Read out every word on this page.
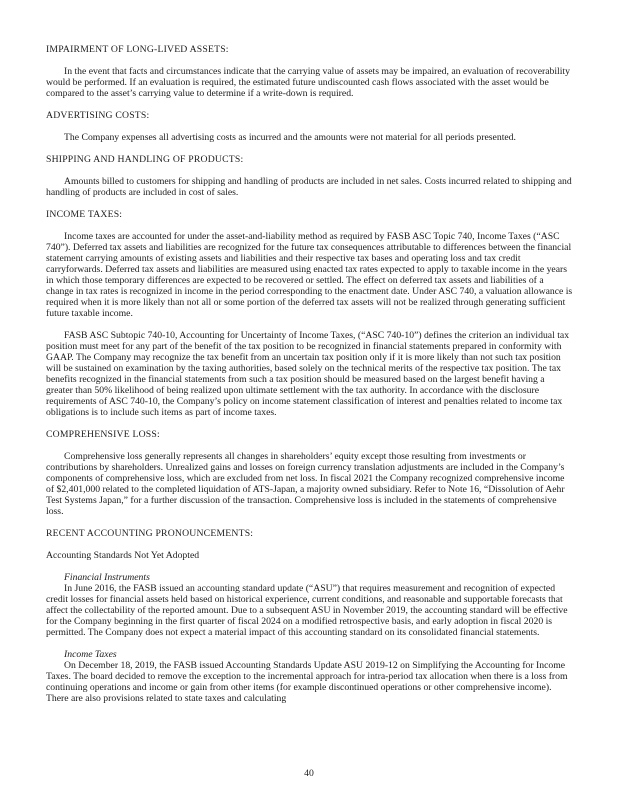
IMPAIRMENT OF LONG-LIVED ASSETS:
In the event that facts and circumstances indicate that the carrying value of assets may be impaired, an evaluation of recoverability would be performed. If an evaluation is required, the estimated future undiscounted cash flows associated with the asset would be compared to the asset’s carrying value to determine if a write-down is required.
ADVERTISING COSTS:
The Company expenses all advertising costs as incurred and the amounts were not material for all periods presented.
SHIPPING AND HANDLING OF PRODUCTS:
Amounts billed to customers for shipping and handling of products are included in net sales. Costs incurred related to shipping and handling of products are included in cost of sales.
INCOME TAXES:
Income taxes are accounted for under the asset-and-liability method as required by FASB ASC Topic 740, Income Taxes (“ASC 740”). Deferred tax assets and liabilities are recognized for the future tax consequences attributable to differences between the financial statement carrying amounts of existing assets and liabilities and their respective tax bases and operating loss and tax credit carryforwards. Deferred tax assets and liabilities are measured using enacted tax rates expected to apply to taxable income in the years in which those temporary differences are expected to be recovered or settled. The effect on deferred tax assets and liabilities of a change in tax rates is recognized in income in the period corresponding to the enactment date. Under ASC 740, a valuation allowance is required when it is more likely than not all or some portion of the deferred tax assets will not be realized through generating sufficient future taxable income.
FASB ASC Subtopic 740-10, Accounting for Uncertainty of Income Taxes, (“ASC 740-10”) defines the criterion an individual tax position must meet for any part of the benefit of the tax position to be recognized in financial statements prepared in conformity with GAAP. The Company may recognize the tax benefit from an uncertain tax position only if it is more likely than not such tax position will be sustained on examination by the taxing authorities, based solely on the technical merits of the respective tax position. The tax benefits recognized in the financial statements from such a tax position should be measured based on the largest benefit having a greater than 50% likelihood of being realized upon ultimate settlement with the tax authority. In accordance with the disclosure requirements of ASC 740-10, the Company’s policy on income statement classification of interest and penalties related to income tax obligations is to include such items as part of income taxes.
COMPREHENSIVE LOSS:
Comprehensive loss generally represents all changes in shareholders’ equity except those resulting from investments or contributions by shareholders. Unrealized gains and losses on foreign currency translation adjustments are included in the Company’s components of comprehensive loss, which are excluded from net loss. In fiscal 2021 the Company recognized comprehensive income of $2,401,000 related to the completed liquidation of ATS-Japan, a majority owned subsidiary. Refer to Note 16, “Dissolution of Aehr Test Systems Japan,” for a further discussion of the transaction. Comprehensive loss is included in the statements of comprehensive loss.
RECENT ACCOUNTING PRONOUNCEMENTS:
Accounting Standards Not Yet Adopted
Financial Instruments
In June 2016, the FASB issued an accounting standard update (“ASU”) that requires measurement and recognition of expected credit losses for financial assets held based on historical experience, current conditions, and reasonable and supportable forecasts that affect the collectability of the reported amount. Due to a subsequent ASU in November 2019, the accounting standard will be effective for the Company beginning in the first quarter of fiscal 2024 on a modified retrospective basis, and early adoption in fiscal 2020 is permitted. The Company does not expect a material impact of this accounting standard on its consolidated financial statements.
Income Taxes
On December 18, 2019, the FASB issued Accounting Standards Update ASU 2019-12 on Simplifying the Accounting for Income Taxes. The board decided to remove the exception to the incremental approach for intra-period tax allocation when there is a loss from continuing operations and income or gain from other items (for example discontinued operations or other comprehensive income). There are also provisions related to state taxes and calculating
40
